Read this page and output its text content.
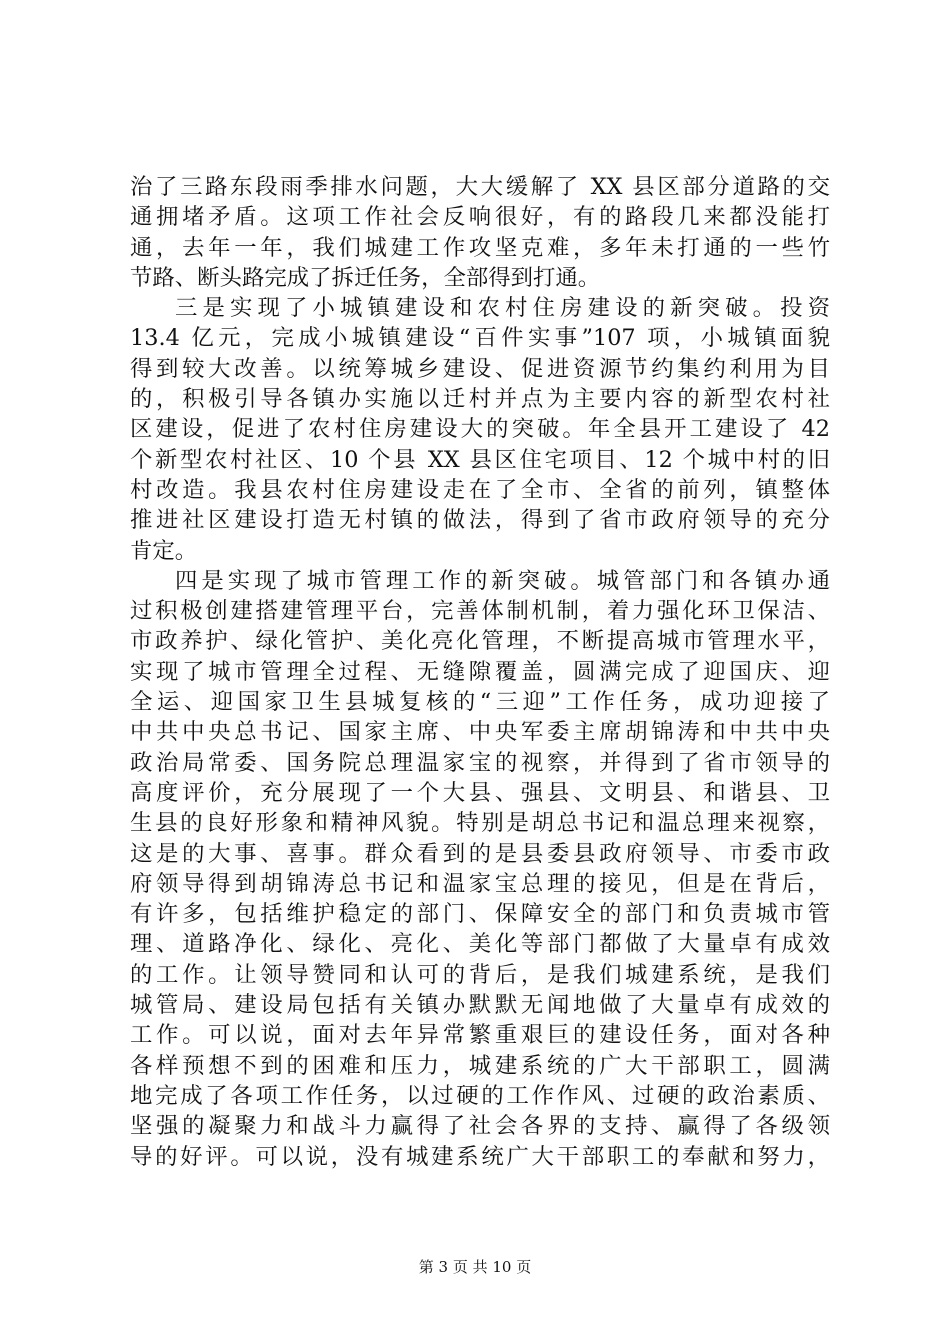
治了三路东段雨季排水问题，大大缓解了 XX 县区部分道路的交
通拥堵矛盾。这项工作社会反响很好，有的路段几来都没能打
通，去年一年，我们城建工作攻坚克难，多年未打通的一些竹
节路、断头路完成了拆迁任务，全部得到打通。
三是实现了小城镇建设和农村住房建设的新突破。投资
13.4 亿元，完成小城镇建设“百件实事”107 项，小城镇面貌
得到较大改善。以统筹城乡建设、促进资源节约集约利用为目
的，积极引导各镇办实施以迁村并点为主要内容的新型农村社
区建设，促进了农村住房建设大的突破。年全县开工建设了 42
个新型农村社区、10 个县 XX 县区住宅项目、12 个城中村的旧
村改造。我县农村住房建设走在了全市、全省的前列，镇整体
推进社区建设打造无村镇的做法，得到了省市政府领导的充分
肯定。
四是实现了城市管理工作的新突破。城管部门和各镇办通
过积极创建搭建管理平台，完善体制机制，着力强化环卫保洁、
市政养护、绿化管护、美化亮化管理，不断提高城市管理水平，
实现了城市管理全过程、无缝隙覆盖，圆满完成了迎国庆、迎
全运、迎国家卫生县城复核的“三迎”工作任务，成功迎接了
中共中央总书记、国家主席、中央军委主席胡锦涛和中共中央
政治局常委、国务院总理温家宝的视察，并得到了省市领导的
高度评价，充分展现了一个大县、强县、文明县、和谐县、卫
生县的良好形象和精神风貌。特别是胡总书记和温总理来视察，
这是的大事、喜事。群众看到的是县委县政府领导、市委市政
府领导得到胡锦涛总书记和温家宝总理的接见，但是在背后，
有许多，包括维护稳定的部门、保障安全的部门和负责城市管
理、道路净化、绿化、亮化、美化等部门都做了大量卓有成效
的工作。让领导赞同和认可的背后，是我们城建系统，是我们
城管局、建设局包括有关镇办默默无闻地做了大量卓有成效的
工作。可以说，面对去年异常繁重艰巨的建设任务，面对各种
各样预想不到的困难和压力，城建系统的广大干部职工，圆满
地完成了各项工作任务，以过硬的工作作风、过硬的政治素质、
坚强的凝聚力和战斗力赢得了社会各界的支持、赢得了各级领
导的好评。可以说，没有城建系统广大干部职工的奉献和努力，
第 3 页 共 10 页
